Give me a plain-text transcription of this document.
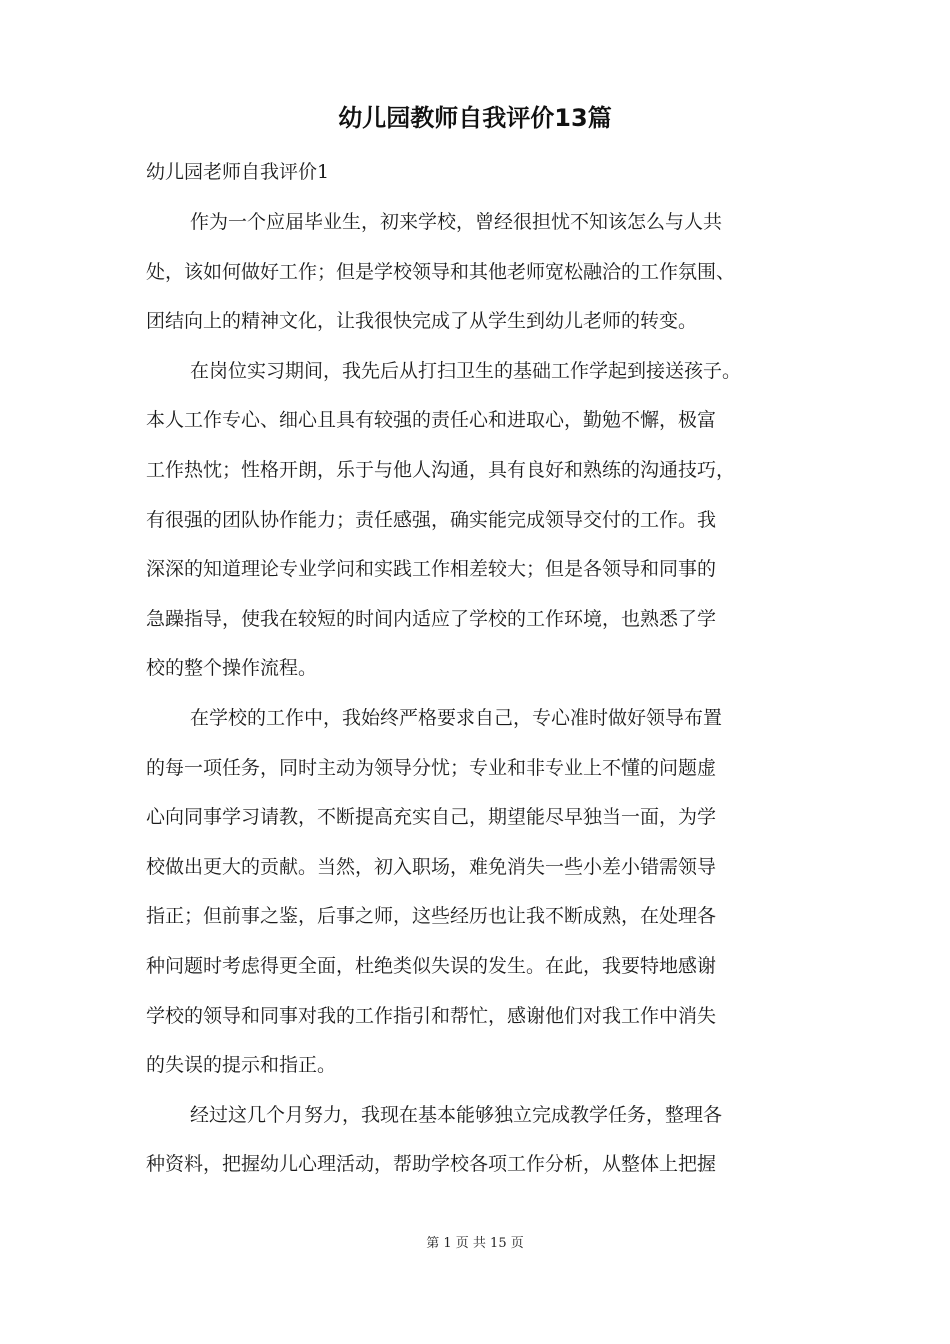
幼儿园教师自我评价13篇

幼儿园老师自我评价1

作为一个应届毕业生，初来学校，曾经很担忧不知该怎么与人共
处，该如何做好工作；但是学校领导和其他老师宽松融洽的工作氛围、
团结向上的精神文化，让我很快完成了从学生到幼儿老师的转变。
在岗位实习期间，我先后从打扫卫生的基础工作学起到接送孩子。
本人工作专心、细心且具有较强的责任心和进取心，勤勉不懈，极富
工作热忱；性格开朗，乐于与他人沟通，具有良好和熟练的沟通技巧，
有很强的团队协作能力；责任感强，确实能完成领导交付的工作。我
深深的知道理论专业学问和实践工作相差较大；但是各领导和同事的
急躁指导，使我在较短的时间内适应了学校的工作环境，也熟悉了学
校的整个操作流程。
在学校的工作中，我始终严格要求自己，专心准时做好领导布置
的每一项任务，同时主动为领导分忧；专业和非专业上不懂的问题虚
心向同事学习请教，不断提高充实自己，期望能尽早独当一面，为学
校做出更大的贡献。当然，初入职场，难免消失一些小差小错需领导
指正；但前事之鉴，后事之师，这些经历也让我不断成熟，在处理各
种问题时考虑得更全面，杜绝类似失误的发生。在此，我要特地感谢
学校的领导和同事对我的工作指引和帮忙，感谢他们对我工作中消失
的失误的提示和指正。
经过这几个月努力，我现在基本能够独立完成教学任务，整理各
种资料，把握幼儿心理活动，帮助学校各项工作分析，从整体上把握
第 1 页 共 15 页
